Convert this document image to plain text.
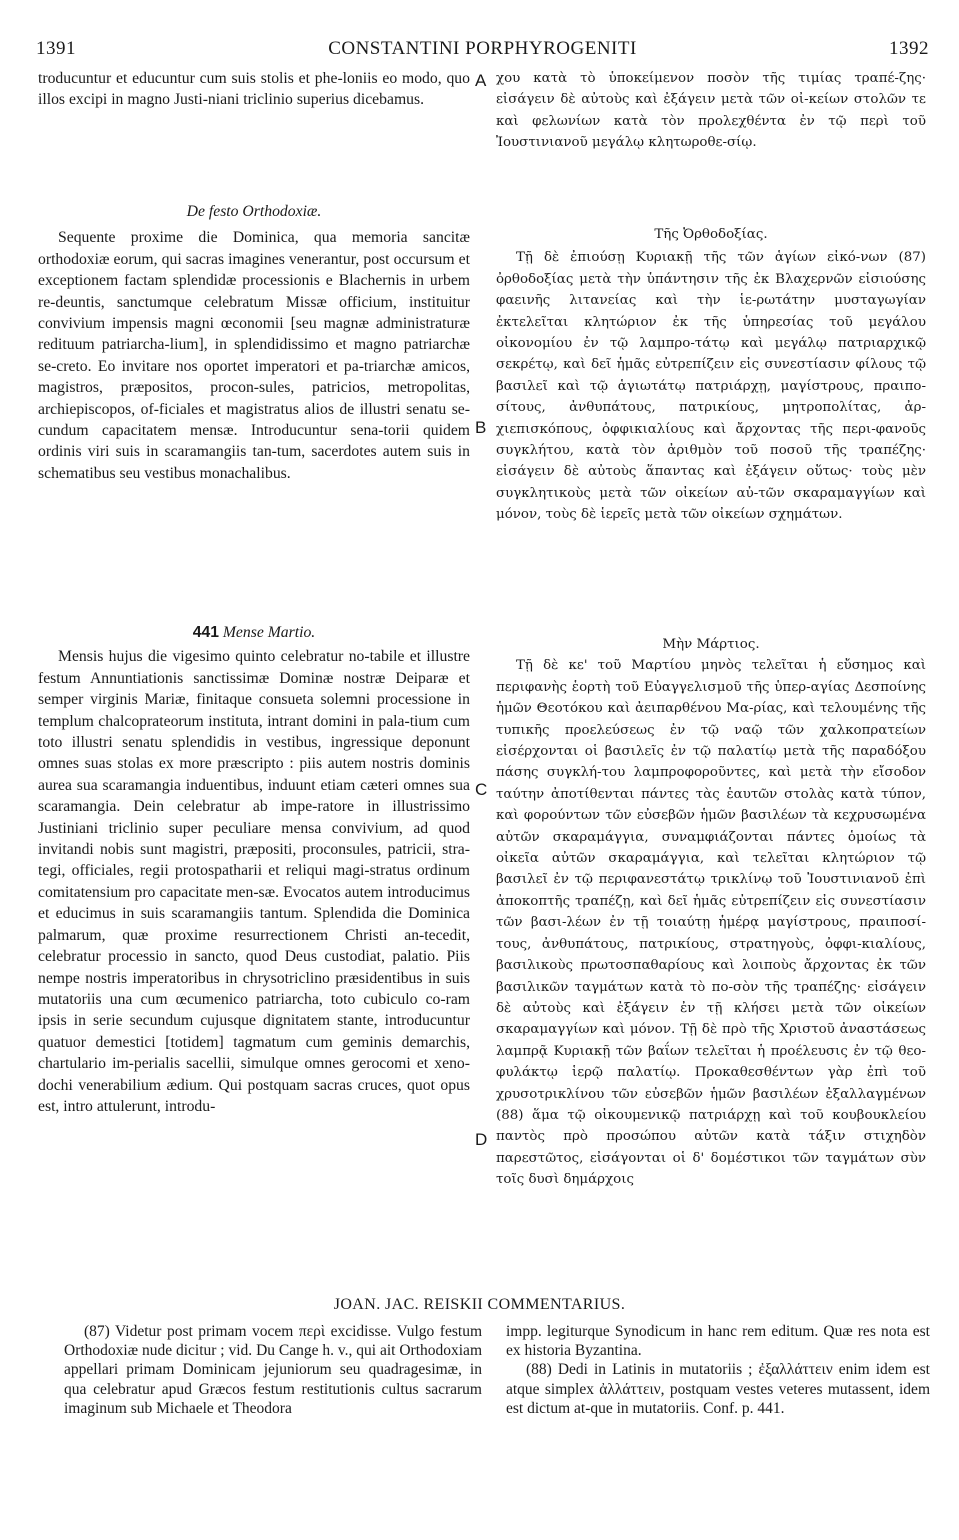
1391	CONSTANTINI PORPHYROGENITI	1392
A
B
C
D

troducuntur et educuntur cum suis stolis et phe-loniis eo modo, quo illos excipi in magno Justi-niani triclinio superius dicebamus.

De festo Orthodoxiæ.

Sequente proxime die Dominica, qua memoria sancitæ orthodoxiæ eorum, qui sacras imagines venerantur, post occursum et exceptionem factam splendidæ processionis e Blachernis in urbem re-deuntis, sanctumque celebratum Missæ officium, instituitur convivium impensis magni œconomii [seu magnæ administraturæ redituum patriarcha-lium], in splendidissimo et magno patriarchæ se-creto. Eo invitare nos oportet imperatori et pa-triarchæ amicos, magistros, præpositos, procon-sules, patricios, metropolitas, archiepiscopos, of-ficiales et magistratus alios de illustri senatu se-cundum capacitatem mensæ. Introducuntur sena-torii quidem ordinis viri suis in scaramangiis tan-tum, sacerdotes autem suis in schematibus seu vestibus monachalibus.

441 Mense Martio.

Mensis hujus die vigesimo quinto celebratur no-tabile et illustre festum Annuntiationis sanctissimæ Dominæ nostræ Deiparæ et semper virginis Mariæ, finitaque consueta solemni processione in templum chalcoprateorum instituta, intrant domini in pala-tium cum toto illustri senatu splendidis in vestibus, ingressique deponunt omnes suas stolas ex more præscripto : piis autem nostris dominis aurea sua scaramangia induentibus, induunt etiam cæteri omnes sua scaramangia. Dein celebratur ab impe-ratore in illustrissimo Justiniani triclinio super peculiare mensa convivium, ad quod invitandi nobis sunt magistri, præpositi, proconsules, patricii, stra-tegi, officiales, regii protospatharii et reliqui magi-stratus ordinum comitatensium pro capacitate men-sæ. Evocatos autem introducimus et educimus in suis scaramangiis tantum. Splendida die Dominica palmarum, quæ proxime resurrectionem Christi an-tecedit, celebratur processio in sancto, quod Deus custodiat, palatio. Piis nempe nostris imperatoribus in chrysotriclino præsidentibus in suis mutatoriis una cum œcumenico patriarcha, toto cubiculo co-ram ipsis in serie secundum cujusque dignitatem stante, introducuntur quatuor demestici [totidem] tagmatum cum geminis demarchis, chartulario im-perialis sacellii, simulque omnes gerocomi et xeno-dochi venerabilium ædium. Qui postquam sacras cruces, quot opus est, intro attulerunt, introdu-

χου κατὰ τὸ ὑποκείμενον ποσὸν τῆς τιμίας τραπέ-ζης· εἰσάγειν δὲ αὐτοὺς καὶ ἐξάγειν μετὰ τῶν οἰ-κείων στολῶν τε καὶ φελωνίων κατὰ τὸν προλεχθέντα ἐν τῷ περὶ τοῦ Ἰουστινιανοῦ μεγάλῳ κλητωροθε-σίῳ.

Τῆς Ὀρθοδοξίας.

Τῇ δὲ ἐπιούσῃ Κυριακῇ τῆς τῶν ἁγίων εἰκό-νων (87) ὀρθοδοξίας μετὰ τὴν ὑπάντησιν τῆς ἐκ Βλαχερνῶν εἰσιούσης φαεινῆς λιτανείας καὶ τὴν ἱε-ρωτάτην μυσταγωγίαν ἐκτελεῖται κλητώριον ἐκ τῆς ὑπηρεσίας τοῦ μεγάλου οἰκονομίου ἐν τῷ λαμπρο-τάτῳ καὶ μεγάλῳ πατριαρχικῷ σεκρέτῳ, καὶ δεῖ ἡμᾶς εὐτρεπίζειν εἰς συνεστίασιν φίλους τῷ βασιλεῖ καὶ τῷ ἁγιωτάτῳ πατριάρχῃ, μαγίστρους, πραιπο-σίτους, ἀνθυπάτους, πατρικίους, μητροπολίτας, ἀρ-χιεπισκόπους, ὀφφικιαλίους καὶ ἄρχοντας τῆς περι-φανοῦς συγκλήτου, κατὰ τὸν ἀριθμὸν τοῦ ποσοῦ τῆς τραπέζης· εἰσάγειν δὲ αὐτοὺς ἅπαντας καὶ ἐξάγειν οὕτως· τοὺς μὲν συγκλητικοὺς μετὰ τῶν οἰκείων αὐ-τῶν σκαραμαγγίων καὶ μόνον, τοὺς δὲ ἱερεῖς μετὰ τῶν οἰκείων σχημάτων.

Μὴν Μάρτιος.

Τῇ δὲ κε' τοῦ Μαρτίου μηνὸς τελεῖται ἡ εὔσημος καὶ περιφανὴς ἑορτὴ τοῦ Εὐαγγελισμοῦ τῆς ὑπερ-αγίας Δεσποίνης ἡμῶν Θεοτόκου καὶ ἀειπαρθένου Μα-ρίας, καὶ τελουμένης τῆς τυπικῆς προελεύσεως ἐν τῷ ναῷ τῶν χαλκοπρατείων εἰσέρχονται οἱ βασιλεῖς ἐν τῷ παλατίῳ μετὰ τῆς παραδόξου πάσης συγκλή-του λαμπροφοροῦντες, καὶ μετὰ τὴν εἴσοδον ταύτην ἀποτίθενται πάντες τὰς ἑαυτῶν στολὰς κατὰ τύπον, καὶ φορούντων τῶν εὐσεβῶν ἡμῶν βασιλέων τὰ κεχρυσωμένα αὐτῶν σκαραμάγγια, συναμφιάζονται πάντες ὁμοίως τὰ οἰκεῖα αὐτῶν σκαραμάγγια, καὶ τελεῖται κλητώριον τῷ βασιλεῖ ἐν τῷ περιφανεστάτῳ τρικλίνῳ τοῦ Ἰουστινιανοῦ ἐπὶ ἀποκοπτῆς τραπέζῃ, καὶ δεῖ ἡμᾶς εὐτρεπίζειν εἰς συνεστίασιν τῶν βασι-λέων ἐν τῇ τοιαύτῃ ἡμέρᾳ μαγίστρους, πραιποσί-τους, ἀνθυπάτους, πατρικίους, στρατηγοὺς, ὀφφι-κιαλίους, βασιλικοὺς πρωτοσπαθαρίους καὶ λοιποὺς ἄρχοντας ἐκ τῶν βασιλικῶν ταγμάτων κατὰ τὸ πο-σὸν τῆς τραπέζης· εἰσάγειν δὲ αὐτοὺς καὶ ἐξάγειν ἐν τῇ κλήσει μετὰ τῶν οἰκείων σκαραμαγγίων καὶ μόνον. Τῇ δὲ πρὸ τῆς Χριστοῦ ἀναστάσεως λαμπρᾷ Κυριακῇ τῶν βαΐων τελεῖται ἡ προέλευσις ἐν τῷ θεο-φυλάκτῳ ἱερῷ παλατίῳ. Προκαθεσθέντων γὰρ ἐπὶ τοῦ χρυσοτρικλίνου τῶν εὐσεβῶν ἡμῶν βασιλέων ἐξαλλαγμένων (88) ἅμα τῷ οἰκουμενικῷ πατριάρχῃ καὶ τοῦ κουβουκλείου παντὸς πρὸ προσώπου αὐτῶν κατὰ τάξιν στιχηδὸν παρεστῶτος, εἰσάγονται οἱ δ' δομέστικοι τῶν ταγμάτων σὺν τοῖς δυσὶ δημάρχοις

JOAN. JAC. REISKII COMMENTARIUS.

(87) Videtur post primam vocem περὶ excidisse. Vulgo festum Orthodoxiæ nude dicitur ; vid. Du Cange h. v., qui ait Orthodoxiam appellari primam Dominicam jejuniorum seu quadragesimæ, in qua celebratur apud Græcos festum restitutionis cultus sacrarum imaginum sub Michaele et Theodora

impp. legiturque Synodicum in hanc rem editum. Quæ res nota est ex historia Byzantina.

(88) Dedi in Latinis in mutatoriis ; ἐξαλλάττειν enim idem est atque simplex ἀλλάττειν, postquam vestes veteres mutassent, idem est dictum at-que in mutatoriis. Conf. p. 441.
